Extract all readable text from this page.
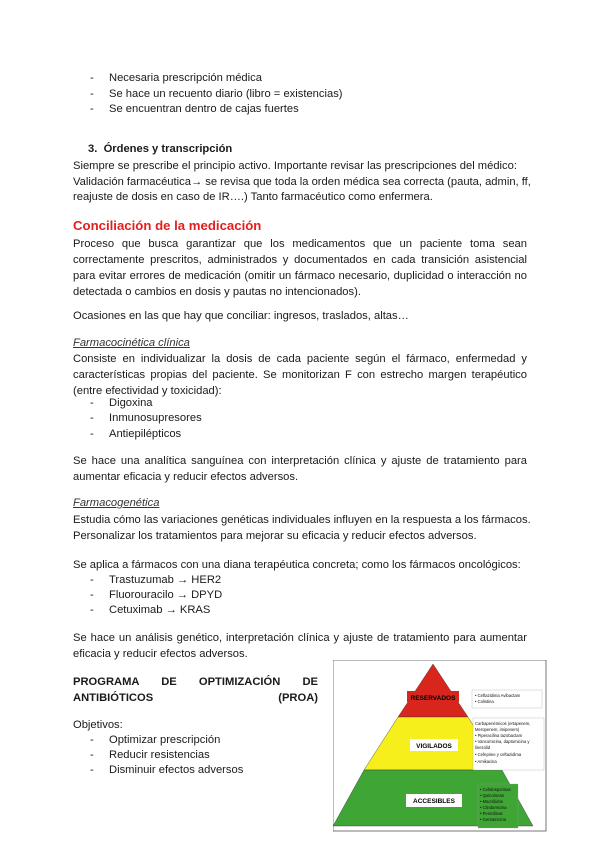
- Necesaria prescripción médica
- Se hace un recuento diario (libro = existencias)
- Se encuentran dentro de cajas fuertes
3. Órdenes y transcripción
Siempre se prescribe el principio activo. Importante revisar las prescripciones del médico:
Validación farmacéutica→ se revisa que toda la orden médica sea correcta (pauta, admin, ff,
reajuste de dosis en caso de IR….) Tanto farmacéutico como enfermera.
Conciliación de la medicación
Proceso que busca garantizar que los medicamentos que un paciente toma sean correctamente prescritos, administrados y documentados en cada transición asistencial para evitar errores de medicación (omitir un fármaco necesario, duplicidad o interacción no detectada o cambios en dosis y pautas no intencionados).
Ocasiones en las que hay que conciliar: ingresos, traslados, altas…
Farmacocinética clínica
Consiste en individualizar la dosis de cada paciente según el fármaco, enfermedad y características propias del paciente. Se monitorizan F con estrecho margen terapéutico (entre efectividad y toxicidad):
- Digoxina
- Inmunosupresores
- Antiepilépticos
Se hace una analítica sanguínea con interpretación clínica y ajuste de tratamiento para aumentar eficacia y reducir efectos adversos.
Farmacogenética
Estudia cómo las variaciones genéticas individuales influyen en la respuesta a los fármacos.
Personalizar los tratamientos para mejorar su eficacia y reducir efectos adversos.
Se aplica a fármacos con una diana terapéutica concreta; como los fármacos oncológicos:
- Trastuzumab → HER2
- Fluorouracilo → DPYD
- Cetuximab → KRAS
Se hace un análisis genético, interpretación clínica y ajuste de tratamiento para aumentar eficacia y reducir efectos adversos.
PROGRAMA DE OPTIMIZACIÓN DE ANTIBIÓTICOS (PROA)
Objetivos:
- Optimizar prescripción
- Reducir resistencias
- Disminuir efectos adversos
RESERVADOS
VIGILADOS
ACCESIBLES
• Ceftazidima Avibactam
• Colistina
Carbapenémicos (ertapenem,
Meropenem, imipenem)
• Piperacilina tazobactam
• Vancomicina, daptomicina y
linezolid
• Cefepime y ceftazidima
• Amikacina
• Cefalosporinas
• Quinolonas
• Macrólidos
• Clindamicina
• Penicilinas
• Gentamicina
